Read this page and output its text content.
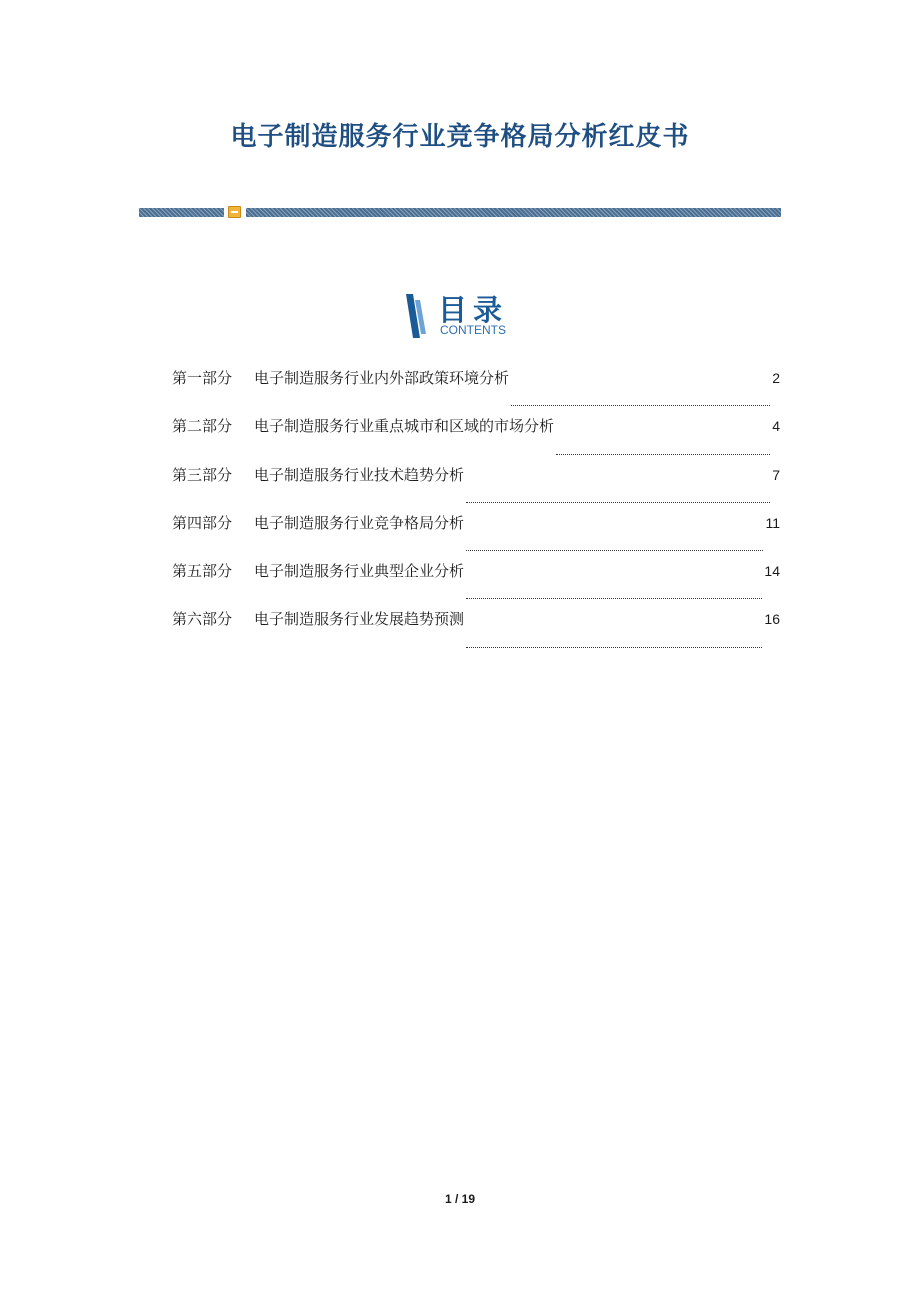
电子制造服务行业竞争格局分析红皮书
目录
CONTENTS
第一部分	电子制造服务行业内外部政策环境分析	2
第二部分	电子制造服务行业重点城市和区域的市场分析	4
第三部分	电子制造服务行业技术趋势分析	7
第四部分	电子制造服务行业竞争格局分析	11
第五部分	电子制造服务行业典型企业分析	14
第六部分	电子制造服务行业发展趋势预测	16
1 / 19
